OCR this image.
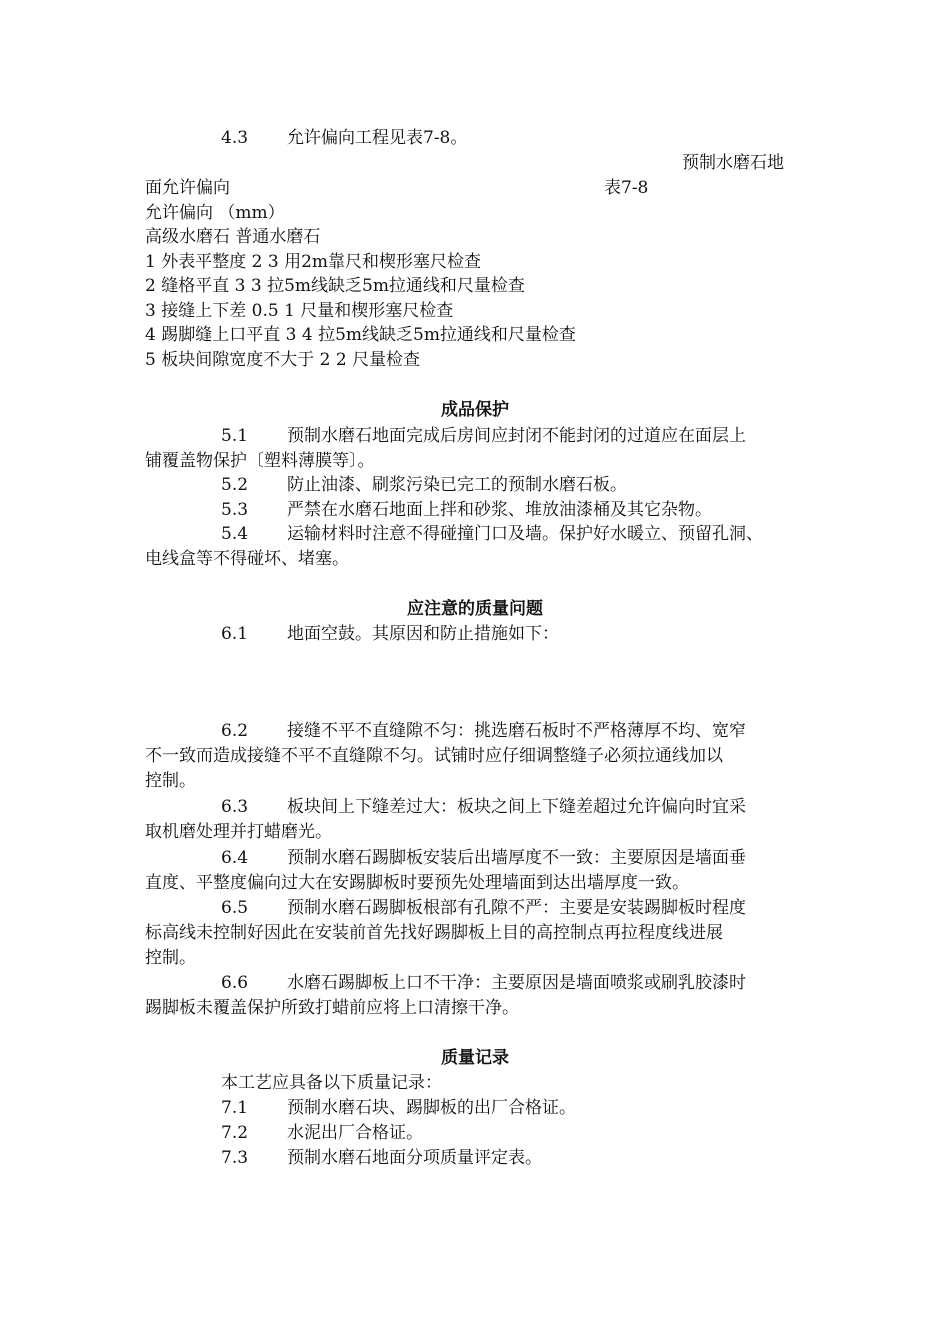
4.3 允许偏向工程见表7-8。
预制水磨石地
面允许偏向	表7-8
允许偏向 （mm）
高级水磨石 普通水磨石
1 外表平整度 2 3 用2m靠尺和楔形塞尺检查
2 缝格平直 3 3 拉5m线缺乏5m拉通线和尺量检查
3 接缝上下差 0.5 1 尺量和楔形塞尺检查
4 踢脚缝上口平直 3 4 拉5m线缺乏5m拉通线和尺量检查
5 板块间隙宽度不大于 2 2 尺量检查
成品保护
5.1 预制水磨石地面完成后房间应封闭不能封闭的过道应在面层上
铺覆盖物保护〔塑料薄膜等〕。
5.2 防止油漆、刷浆污染已完工的预制水磨石板。
5.3 严禁在水磨石地面上拌和砂浆、堆放油漆桶及其它杂物。
5.4 运输材料时注意不得碰撞门口及墙。保护好水暖立、预留孔洞、
电线盒等不得碰坏、堵塞。
应注意的质量问题
6.1 地面空鼓。其原因和防止措施如下：
6.2 接缝不平不直缝隙不匀：挑选磨石板时不严格薄厚不均、宽窄
不一致而造成接缝不平不直缝隙不匀。试铺时应仔细调整缝子必须拉通线加以
控制。
6.3 板块间上下缝差过大：板块之间上下缝差超过允许偏向时宜采
取机磨处理并打蜡磨光。
6.4 预制水磨石踢脚板安装后出墙厚度不一致：主要原因是墙面垂
直度、平整度偏向过大在安踢脚板时要预先处理墙面到达出墙厚度一致。
6.5 预制水磨石踢脚板根部有孔隙不严：主要是安装踢脚板时程度
标高线未控制好因此在安装前首先找好踢脚板上目的高控制点再拉程度线进展
控制。
6.6 水磨石踢脚板上口不干净：主要原因是墙面喷浆或刷乳胶漆时
踢脚板未覆盖保护所致打蜡前应将上口清擦干净。
质量记录
本工艺应具备以下质量记录：
7.1 预制水磨石块、踢脚板的出厂合格证。
7.2 水泥出厂合格证。
7.3 预制水磨石地面分项质量评定表。
